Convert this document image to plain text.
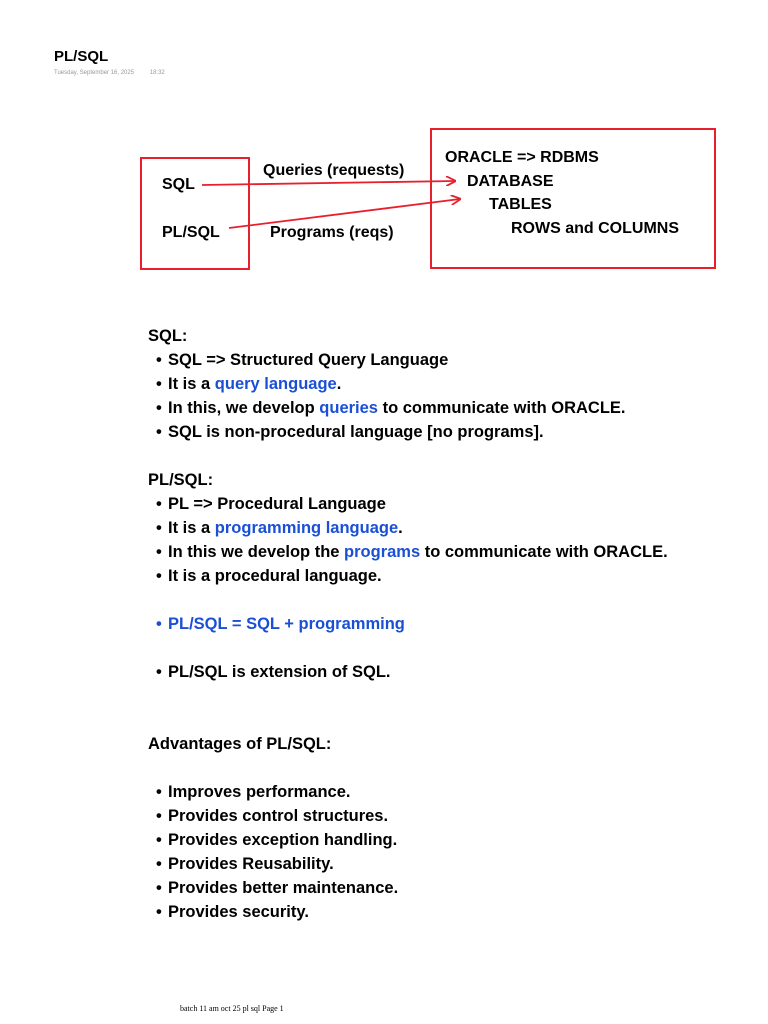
PL/SQL
Tuesday, September 16, 2025	18:32
SQL
PL/SQL
Queries (requests)
Programs (reqs)
ORACLE => RDBMS
DATABASE
TABLES
ROWS and COLUMNS

SQL:

• SQL => Structured Query Language
• It is a query language.
• In this, we develop queries to communicate with ORACLE.
• SQL is non-procedural language [no programs].

PL/SQL:

• PL => Procedural Language
• It is a programming language.
• In this we develop the programs to communicate with ORACLE.
• It is a procedural language.
• PL/SQL = SQL + programming
• PL/SQL is extension of SQL.

Advantages of PL/SQL:

• Improves performance.
• Provides control structures.
• Provides exception handling.
• Provides Reusability.
• Provides better maintenance.
• Provides security.
batch 11 am oct 25 pl sql Page 1
